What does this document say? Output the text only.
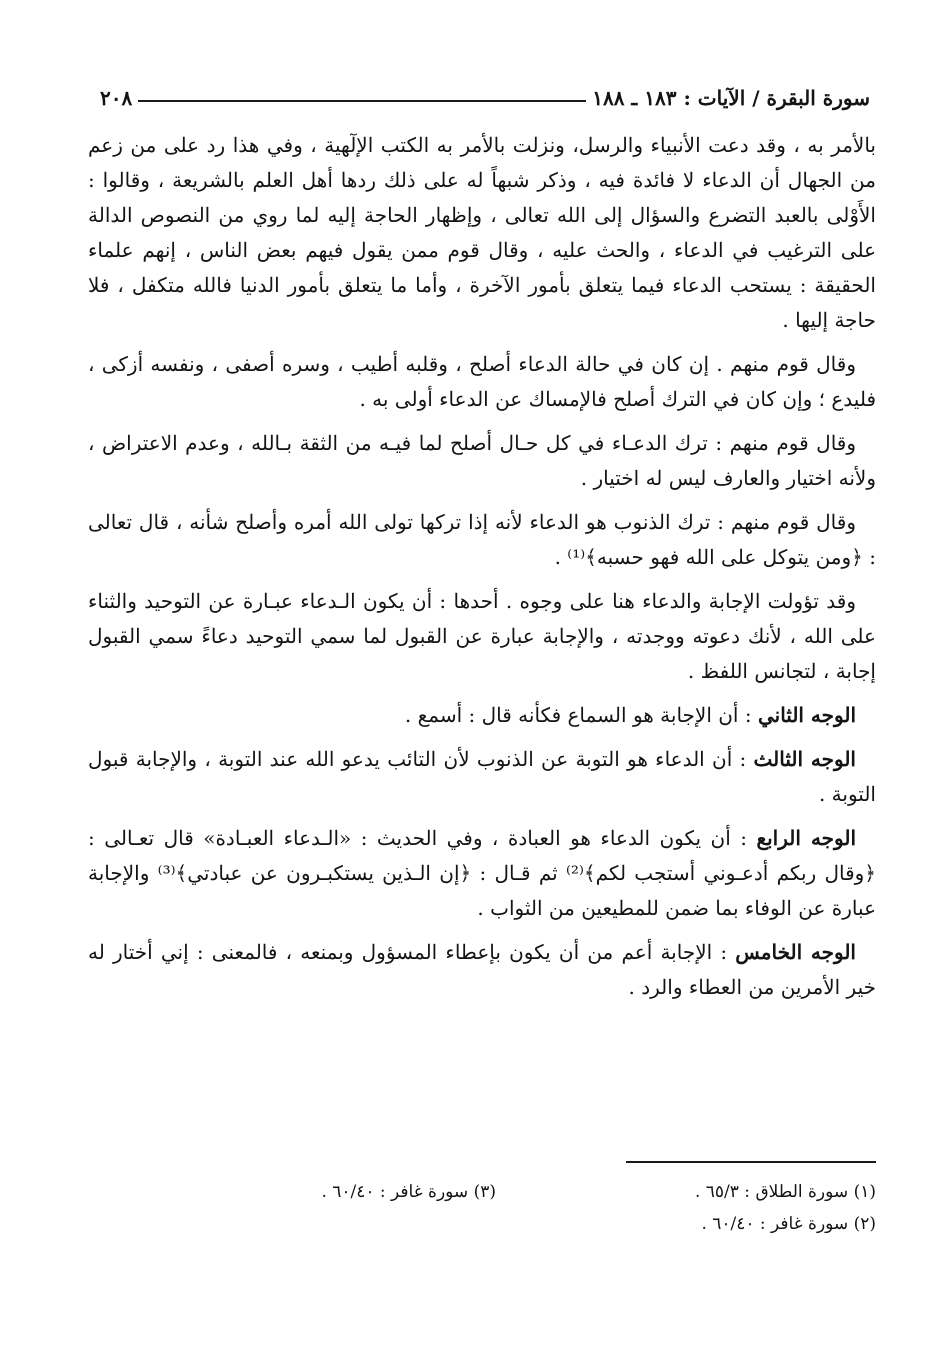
سورة البقرة / الآيات : ١٨٣ ـ ١٨٨
٢٠٨

بالأمر به ، وقد دعت الأنبياء والرسل، ونزلت بالأمر به الكتب الإلٓهية ، وفي هذا رد على من زعم من الجهال أن الدعاء لا فائدة فيه ، وذكر شبهاً له على ذلك ردها أهل العلم بالشريعة ، وقالوا : الأَوْلى بالعبد التضرع والسؤال إلى الله تعالى ، وإظهار الحاجة إليه لما روي من النصوص الدالة على الترغيب في الدعاء ، والحث عليه ، وقال قوم ممن يقول فيهم بعض الناس ، إنهم علماء الحقيقة : يستحب الدعاء فيما يتعلق بأمور الآخرة ، وأما ما يتعلق بأمور الدنيا فالله متكفل ، فلا حاجة إليها .

وقال قوم منهم . إن كان في حالة الدعاء أصلح ، وقلبه أطيب ، وسره أصفى ، ونفسه أزكى ، فليدع ؛ وإن كان في الترك أصلح فالإمساك عن الدعاء أولى به .

وقال قوم منهم : ترك الدعـاء في كل حـال أصلح لما فيـه من الثقة بـالله ، وعدم الاعتراض ، ولأنه اختيار والعارف ليس له اختيار .

وقال قوم منهم : ترك الذنوب هو الدعاء لأنه إذا تركها تولى الله أمره وأصلح شأنه ، قال تعالى : ﴿ومن يتوكل على الله فهو حسبه﴾⁽¹⁾ .

وقد تؤولت الإجابة والدعاء هنا على وجوه . أحدها : أن يكون الـدعاء عبـارة عن التوحيد والثناء على الله ، لأنك دعوته ووجدته ، والإجابة عبارة عن القبول لما سمي التوحيد دعاءً سمي القبول إجابة ، لتجانس اللفظ .

الوجه الثاني : أن الإجابة هو السماع فكأنه قال : أسمع .

الوجه الثالث : أن الدعاء هو التوبة عن الذنوب لأن التائب يدعو الله عند التوبة ، والإجابة قبول التوبة .

الوجه الرابع : أن يكون الدعاء هو العبادة ، وفي الحديث : «الـدعاء العبـادة» قال تعـالى : ﴿وقال ربكم أدعـوني أستجب لكم﴾⁽²⁾ ثم قـال : ﴿إن الـذين يستكبـرون عن عبادتي﴾⁽³⁾ والإجابة عبارة عن الوفاء بما ضمن للمطيعين من الثواب .

الوجه الخامس : الإجابة أعم من أن يكون بإعطاء المسؤول وبمنعه ، فالمعنى : إني أختار له خير الأمرين من العطاء والرد .

(١) سورة الطلاق : ٦٥/٣ .
(٣) سورة غافر : ٦٠/٤٠ .
(٢) سورة غافر : ٦٠/٤٠ .
